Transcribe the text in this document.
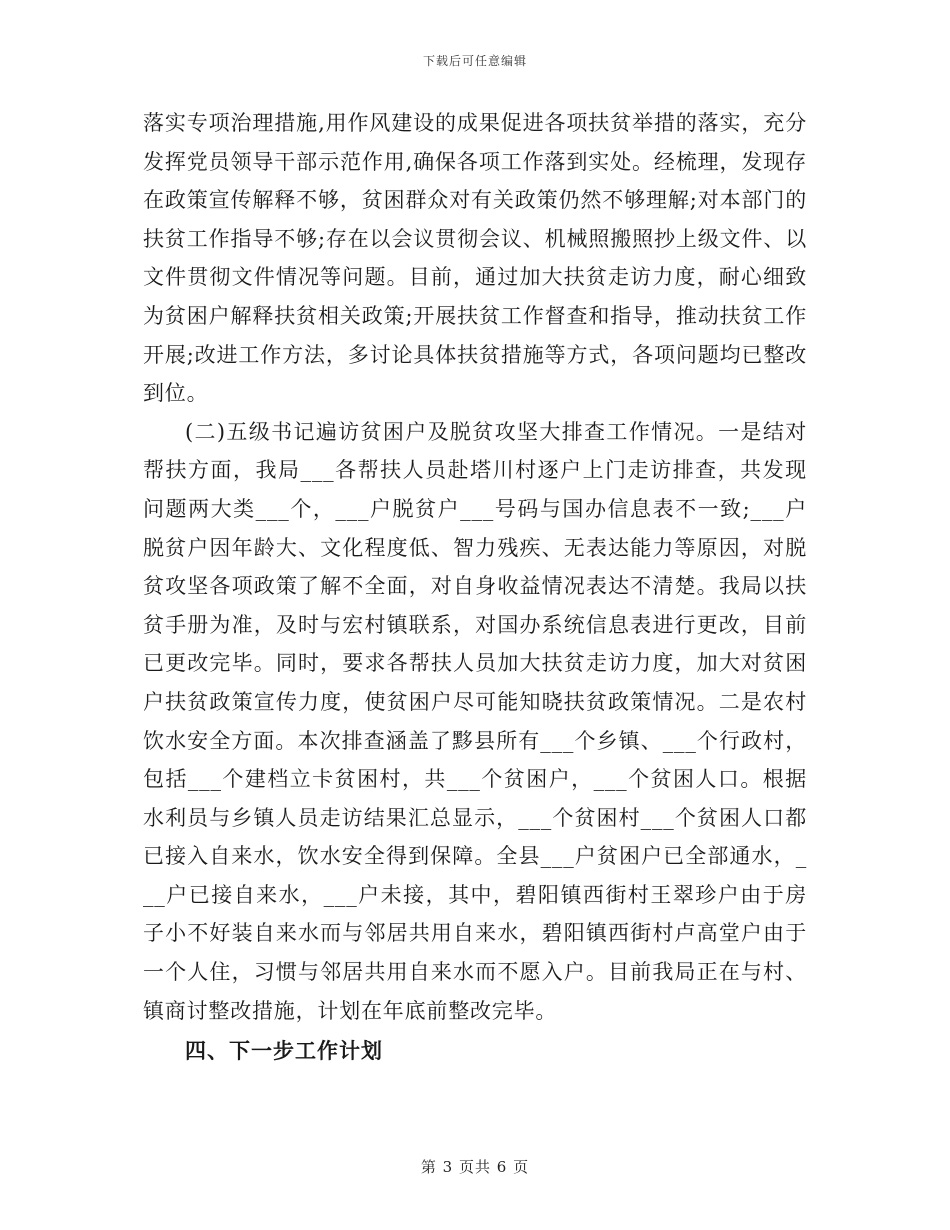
下载后可任意编辑

落实专项治理措施,用作风建设的成果促进各项扶贫举措的落实，充分发挥党员领导干部示范作用,确保各项工作落到实处。经梳理，发现存在政策宣传解释不够，贫困群众对有关政策仍然不够理解;对本部门的扶贫工作指导不够;存在以会议贯彻会议、机械照搬照抄上级文件、以文件贯彻文件情况等问题。目前，通过加大扶贫走访力度，耐心细致为贫困户解释扶贫相关政策;开展扶贫工作督查和指导，推动扶贫工作开展;改进工作方法，多讨论具体扶贫措施等方式，各项问题均已整改到位。

(二)五级书记遍访贫困户及脱贫攻坚大排查工作情况。一是结对帮扶方面，我局___各帮扶人员赴塔川村逐户上门走访排查，共发现问题两大类___个，___户脱贫户___号码与国办信息表不一致;___户脱贫户因年龄大、文化程度低、智力残疾、无表达能力等原因，对脱贫攻坚各项政策了解不全面，对自身收益情况表达不清楚。我局以扶贫手册为准，及时与宏村镇联系，对国办系统信息表进行更改，目前已更改完毕。同时，要求各帮扶人员加大扶贫走访力度，加大对贫困户扶贫政策宣传力度，使贫困户尽可能知晓扶贫政策情况。二是农村饮水安全方面。本次排查涵盖了黟县所有___个乡镇、___个行政村，包括___个建档立卡贫困村，共___个贫困户，___个贫困人口。根据水利员与乡镇人员走访结果汇总显示，___个贫困村___个贫困人口都已接入自来水，饮水安全得到保障。全县___户贫困户已全部通水，___户已接自来水，___户未接，其中，碧阳镇西街村王翠珍户由于房子小不好装自来水而与邻居共用自来水，碧阳镇西街村卢高堂户由于一个人住，习惯与邻居共用自来水而不愿入户。目前我局正在与村、镇商讨整改措施，计划在年底前整改完毕。

四、下一步工作计划

第 3 页共 6 页
